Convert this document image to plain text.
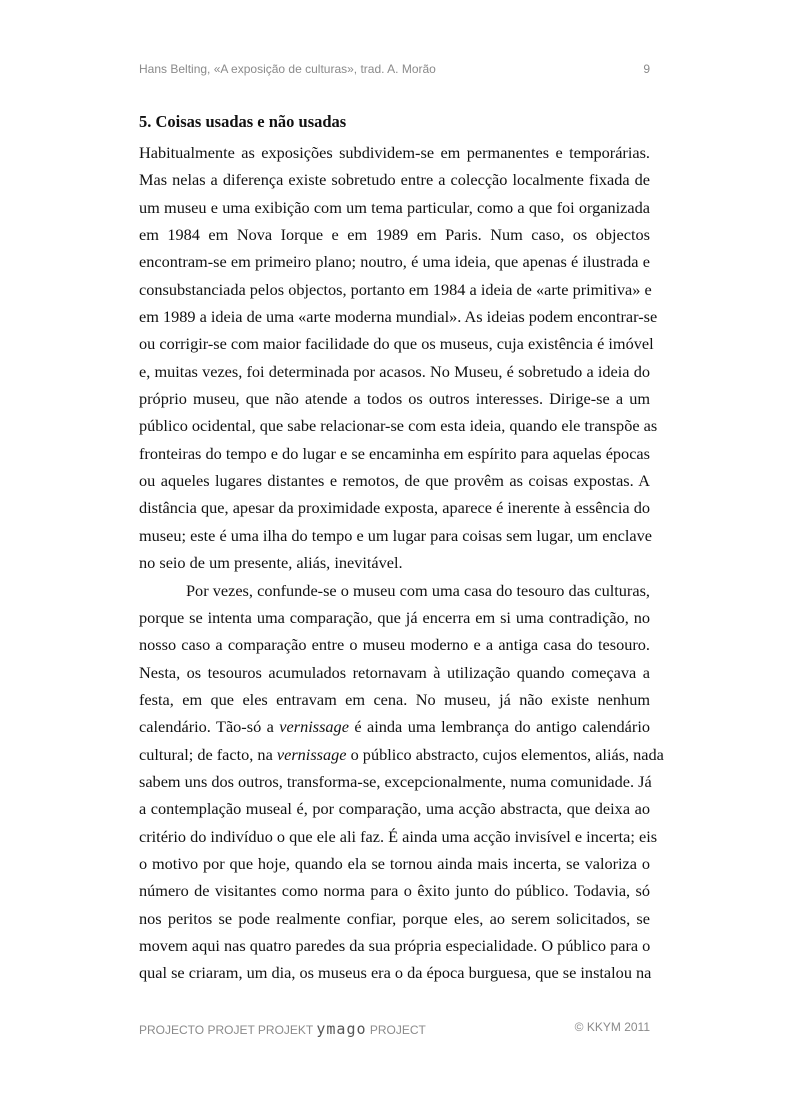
Hans Belting, «A exposição de culturas», trad. A. Morão	9
5. Coisas usadas e não usadas
Habitualmente as exposições subdividem-se em permanentes e temporárias.
Mas nelas a diferença existe sobretudo entre a colecção localmente fixada de
um museu e uma exibição com um tema particular, como a que foi organizada
em 1984 em Nova Iorque e em 1989 em Paris. Num caso, os objectos
encontram-se em primeiro plano; noutro, é uma ideia, que apenas é ilustrada e
consubstanciada pelos objectos, portanto em 1984 a ideia de «arte primitiva» e
em 1989 a ideia de uma «arte moderna mundial». As ideias podem encontrar-se
ou corrigir-se com maior facilidade do que os museus, cuja existência é imóvel
e, muitas vezes, foi determinada por acasos. No Museu, é sobretudo a ideia do
próprio museu, que não atende a todos os outros interesses. Dirige-se a um
público ocidental, que sabe relacionar-se com esta ideia, quando ele transpõe as
fronteiras do tempo e do lugar e se encaminha em espírito para aquelas épocas
ou aqueles lugares distantes e remotos, de que provêm as coisas expostas. A
distância que, apesar da proximidade exposta, aparece é inerente à essência do
museu; este é uma ilha do tempo e um lugar para coisas sem lugar, um enclave
no seio de um presente, aliás, inevitável.
Por vezes, confunde-se o museu com uma casa do tesouro das culturas,
porque se intenta uma comparação, que já encerra em si uma contradição, no
nosso caso a comparação entre o museu moderno e a antiga casa do tesouro.
Nesta, os tesouros acumulados retornavam à utilização quando começava a
festa, em que eles entravam em cena. No museu, já não existe nenhum
calendário. Tão-só a vernissage é ainda uma lembrança do antigo calendário
cultural; de facto, na vernissage o público abstracto, cujos elementos, aliás, nada
sabem uns dos outros, transforma-se, excepcionalmente, numa comunidade. Já
a contemplação museal é, por comparação, uma acção abstracta, que deixa ao
critério do indivíduo o que ele ali faz. É ainda uma acção invisível e incerta; eis
o motivo por que hoje, quando ela se tornou ainda mais incerta, se valoriza o
número de visitantes como norma para o êxito junto do público. Todavia, só
nos peritos se pode realmente confiar, porque eles, ao serem solicitados, se
movem aqui nas quatro paredes da sua própria especialidade. O público para o
qual se criaram, um dia, os museus era o da época burguesa, que se instalou na
PROJECTO PROJET PROJEKT ymago PROJECT	© KKYM 2011
